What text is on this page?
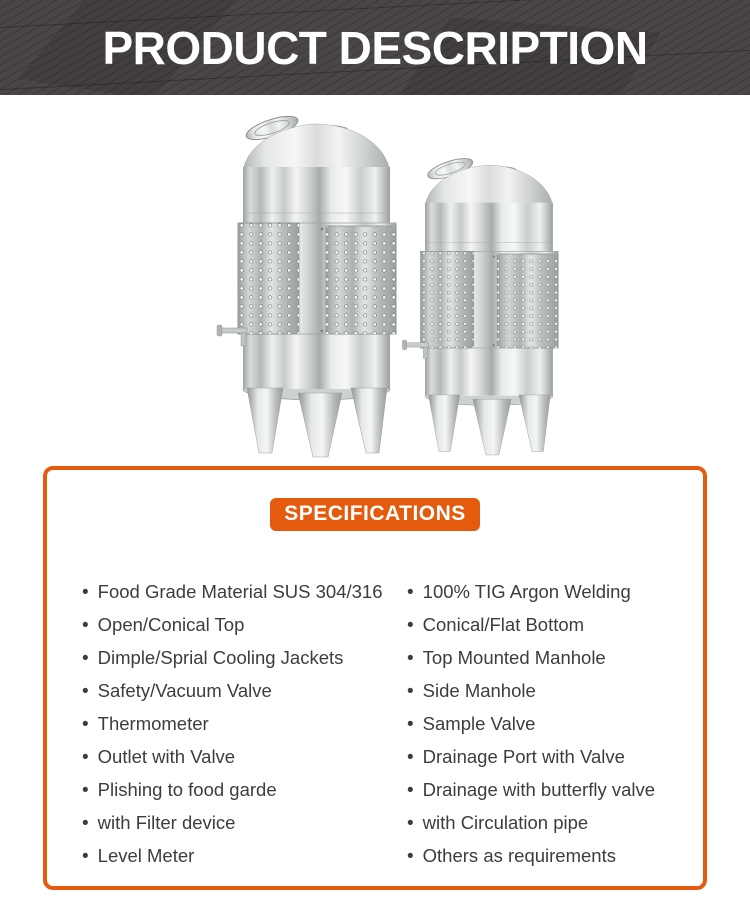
PRODUCT DESCRIPTION
SPECIFICATIONS
• Food Grade Material SUS 304/316
• Open/Conical Top
• Dimple/Sprial Cooling Jackets
• Safety/Vacuum Valve
• Thermometer
• Outlet with Valve
• Plishing to food garde
• with Filter device
• Level Meter
• 100% TIG Argon Welding
• Conical/Flat Bottom
• Top Mounted Manhole
• Side Manhole
• Sample Valve
• Drainage Port with Valve
• Drainage with butterfly valve
• with Circulation pipe
• Others as requirements
